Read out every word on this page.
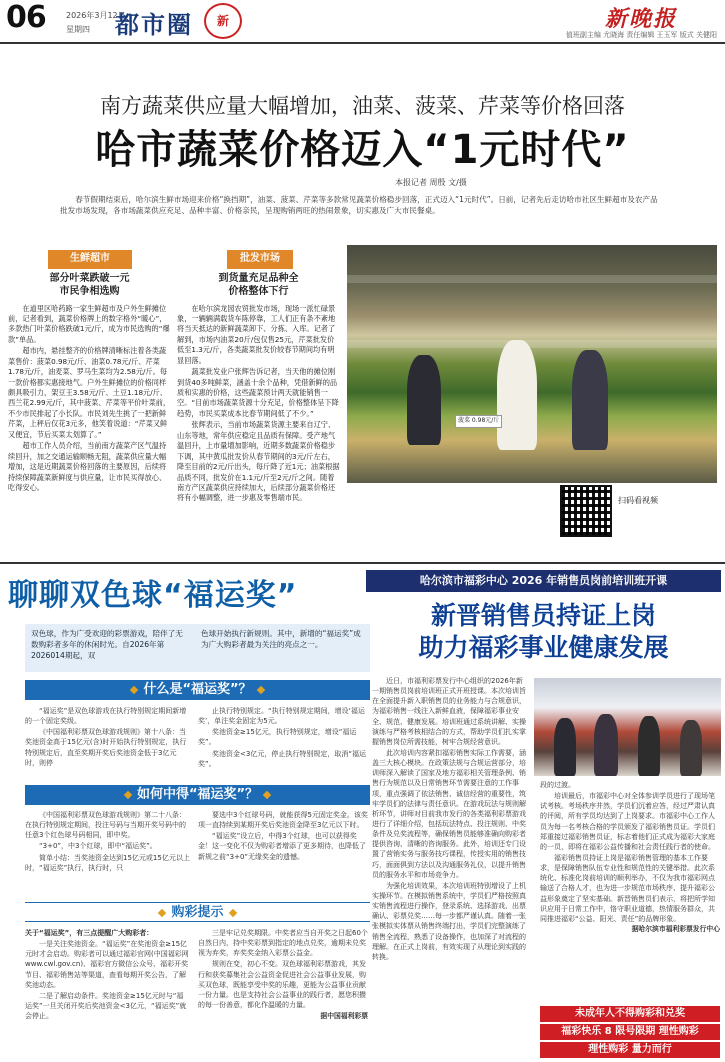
06	2026年3月12日
星期四 都市圈	新	新晚报
值班副主编 尤晓海 责任编辑 王玉军 版式 关健阳
南方蔬菜供应量大幅增加，油菜、菠菜、芹菜等价格回落
哈市蔬菜价格迈入“1元时代”
本报记者 周殷 文/摄
春节假期结束后，哈尔滨生鲜市场迎来价格“换挡期”，油菜、菠菜、芹菜等多款常见蔬菜价格稳步回落，正式迈入“1元时代”。日前，记者先后走访哈市社区生鲜超市及农产品批发市场发现，各市场蔬菜供应充足、品种丰富、价格亲民，呈现购销两旺的热闹景象，切实惠及广大市民餐桌。
生鲜超市
部分叶菜跌破一元
市民争相选购

在道里区哈药路一家生鲜超市及户外生鲜摊位前，记者看到，蔬菜价格牌上的数字格外“暖心”，多款热门叶菜价格跌破1元/斤，成为市民选购的“爆款”单品。

超市内，悬挂整齐的价格牌清晰标注着各类蔬菜售价：菠菜0.98元/斤、油菜0.78元/斤、芹菜1.78元/斤，油麦菜、罗马生菜均为2.58元/斤。每一款价格都实惠接地气。户外生鲜摊位的价格同样颇具吸引力，架豆王3.58元/斤、土豆1.18元/斤、西兰花2.99元/斤，其中菠菜、芹菜等平价叶菜前，不少市民排起了小长队。市民刘先生挑了一把新鲜芹菜，上秤后仅花3元多，他笑着说道：“芹菜又鲜又便宜，节后买菜太划算了。”

超市工作人员介绍，当前南方蔬菜产区气温持续回升，加之交通运输顺畅无阻，蔬菜供应量大幅增加，这是近期蔬菜价格回落的主要原因，后续将持续保障蔬菜新鲜度与供应量，让市民买得放心、吃得安心。

批发市场
到货量充足品种全
价格整体下行

在哈尔滨龙园农贸批发市场，现场一派忙碌景象，一辆辆满载货车陈停靠，工人们正有条不紊地将当天抵达的新鲜蔬菜卸下、分拣、入库。记者了解到，市场内油菜20斤/包仅售25元，芹菜批发价低至1.3元/斤，各类蔬菜批发价较春节期间均有明显回落。

蔬菜批发业户张辉告诉记者，当天他的摊位刚到货40多吨鲜菜，涵盖十余个品种，凭借新鲜的品质和实惠的价格，这些蔬菜预计两天就能销售一空。“目前市场蔬菜货源十分充足，价格整体呈下降趋势，市民买菜成本比春节期间低了不少。”

张辉表示，当前市场蔬菜货源主要来自辽宁、山东等地，常年供应稳定且品质有保障。受产地气温回升，上市量增加影响，近期多数蔬菜价格稳步下调，其中黄瓜批发价从春节期间的3元/斤左右，降至目前的2元/斤出头，每斤降了近1元；油菜根据品质不同，批发价在1.1元/斤至2元/斤之间。随着南方产区蔬菜供应持续加大，后续部分蔬菜价格还将有小幅调整，进一步惠及零售端市民。

菠菜 0.98元/斤
扫码看视频
聊聊双色球“福运奖”
双色球，作为广受欢迎的彩票游戏，陪伴了无数购彩者多年的休闲时光。自2026年第2026014期起，双
色球开始执行新规则。其中，新增的“福运奖”成为广大购彩者最为关注的亮点之一。
什么是“福运奖”？

“福运奖”是双色球游戏在执行特别规定期间新增的一个固定奖级。

《中国福利彩票双色球游戏规则》第十八条：当奖池资金高于15亿元(含)时开始执行特别规定，执行特别规定后，直至奖期开奖后奖池资金低于3亿元时，则停

止执行特别规定。“执行特别规定期间，增设‘福运奖’，单注奖金固定为5元。

奖池资金≥15亿元，执行特别规定，增设“福运奖”。

奖池资金<3亿元，停止执行特别规定，取消“福运奖”。

如何中得“福运奖”？

《中国福利彩票双色球游戏规则》第二十八条：在执行特别规定期间，投注号码与当期开奖号码中的任意3个红色球号码相同，即中奖。

“3+0”，中3个红球，即中“福运奖”。

简单小结：当奖池资金达到15亿元或15亿元以上时，“福运奖”执行，执行时，只

要选中3个红球号码，就能获得5元固定奖金。该奖项一直持续到某期开奖后奖池资金降至3亿元以下时。

“福运奖”设立后，中得3个红球，也可以获得奖金！这一变化不仅为购彩者增添了更多期待，也降低了新规之前“3+0”无缘奖金的遗憾。

购彩提示

关于“福运奖”，有三点提醒广大购彩者：

一是关注奖池资金。“福运奖”在奖池资金≥15亿元时才会启动。购彩者可以通过福彩官网(中国福彩网www.cwl.gov.cn)、福彩官方微信公众号、福彩开奖节目、福彩销售站等渠道，查看每期开奖公告，了解奖池动态。

二是了解启动条件。奖池资金≥15亿元时与“福运奖”一旦关闭开奖后奖池资金<3亿元，“福运奖”就会停止。

三是牢记兑奖期限。中奖者应当自开奖之日起60个自然日内，持中奖彩票到指定的地点兑奖，逾期未兑奖视为弃奖，弃奖奖金纳入彩票公益金。

规则在变，初心不变。双色球福利彩票游戏，其发行和获奖募集社会公益资金促进社会公益事业发展，购买双色球，既能享受中奖的乐趣，更能为公益事业贡献一份力量。也是支持社会公益事业的践行者，愿您积攒的每一份善意，都化作温暖的力量。

据中国福利彩票
哈尔滨市福彩中心 2026 年销售员岗前培训班开课
新晋销售员持证上岗
助力福彩事业健康发展

近日，市福利彩票发行中心组织的2026年新一期销售员岗前培训班正式开班授课。本次培训旨在全面提升新入职销售员的业务能力与合规意识，为福彩销售一线注入新鲜血液，保障福彩事业安全、规范、健康发展。培训班通过系统讲解、实操演练与严格考核相结合的方式，帮助学员们扎实掌握销售岗位所需技能，树牢合规经营意识。

此次培训内容紧扣福彩销售实际工作需要，涵盖三大核心模块。在政策法规与合规运营部分，培训师深入解读了国家及地方福彩相关管理条例、销售行为规范以及日常销售环节需要注意的工作事项，重点强调了依法销售、诚信经营的重要性，筑牢学员们的法律与责任意识。在游戏玩法与规则解析环节，讲师对目前我市发行的各类福利彩票游戏进行了详细介绍，包括玩法特点、投注规则、中奖条件及兑奖流程等，确保销售员能够准确向购彩者提供咨询、清晰的咨询服务。此外，培训还专门设置了营销实务与服务技巧课程，传授实用的销售技巧，面面俱到方法以及沟通服务礼仪，以提升销售员的服务水平和市场竞争力。

为强化培训效果，本次培训班特别增设了上机实操环节。在模拟销售系统中，学员们严格按照真实销售流程进行操作，登录系统、选择游戏、出票确认、彩票兑奖……每一步都严谨认真。随着一张张模拟实体票从销售终端打出，学员们完整演练了销售全流程，熟悉了设备操作，也加深了对流程的理解。在正式上岗前，有效实现了从理论到实践的转换。

段的过渡。

培训最后，市福彩中心对全体参训学员进行了现场笔试考核。考场秩序井然，学员们沉着应答，经过严肃认真的评阅，所有学员均达到了上岗要求。市福彩中心工作人员为每一名考核合格的学员颁发了福彩销售员证。学员们郑重接过福彩销售员证，标志着他们正式成为福彩大家庭的一员，即将在福彩公益传播和社会责任践行者的使命。

福彩销售员持证上岗是福彩销售管理的基本工作要求，是保障销售队伍专业性和规范性的关键举措。此次系统化、标准化岗前培训的顺利举办，不仅为我市福彩网点输送了合格人才，也为进一步规范市场秩序、提升福彩公益形象奠定了坚实基础。新晋销售员们表示，将把所学知识应用于日常工作中，恪守职业道德，热情服务群众，共同推进福彩“公益、阳光、责任”的品牌形象。

据哈尔滨市福利彩票发行中心
未成年人不得购彩和兑奖
福彩快乐 8 限号限期 理性购彩
理性购彩 量力而行
